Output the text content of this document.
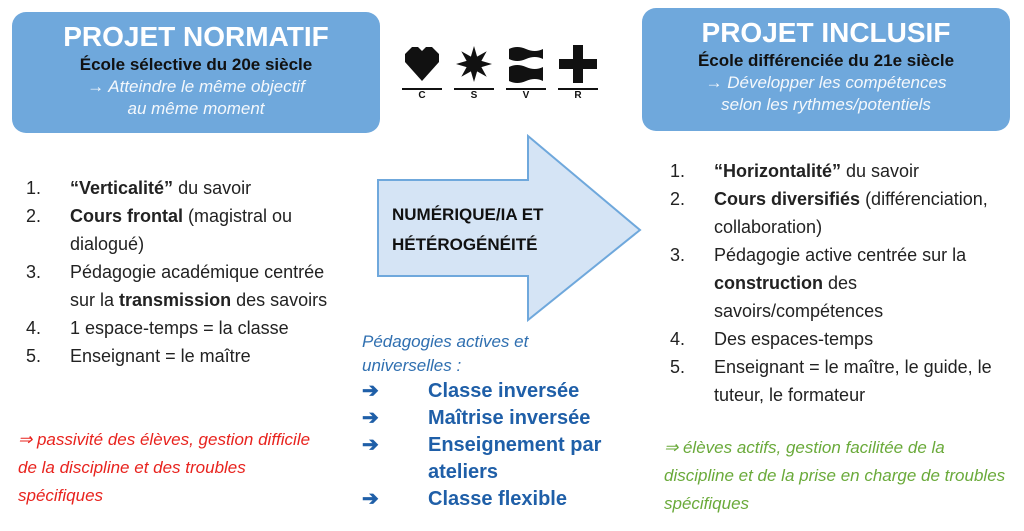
PROJET NORMATIF
École sélective du 20e siècle
→ Atteindre le même objectif
au même moment
PROJET INCLUSIF
École différenciée du 21e siècle
→ Développer les compétences
selon les rythmes/potentiels
C	S	V	R
NUMÉRIQUE/IA ET
HÉTÉROGÉNÉITÉ
1.	“Verticalité” du savoir
2.	Cours frontal (magistral ou dialogué)
3.	Pédagogie académique centrée sur la transmission des savoirs
4.	1 espace-temps = la classe
5.	Enseignant = le maître
⇒ passivité des élèves, gestion difficile de la discipline et des troubles spécifiques
1.	“Horizontalité” du savoir
2.	Cours diversifiés (différenciation, collaboration)
3.	Pédagogie active centrée sur la construction des savoirs/compétences
4.	Des espaces-temps
5.	Enseignant = le maître, le guide, le tuteur, le formateur
⇒ élèves actifs, gestion facilitée de la discipline et de la prise en charge de troubles spécifiques
Pédagogies actives et universelles :
➔	Classe inversée
➔	Maîtrise inversée
➔	Enseignement par ateliers
➔	Classe flexible
